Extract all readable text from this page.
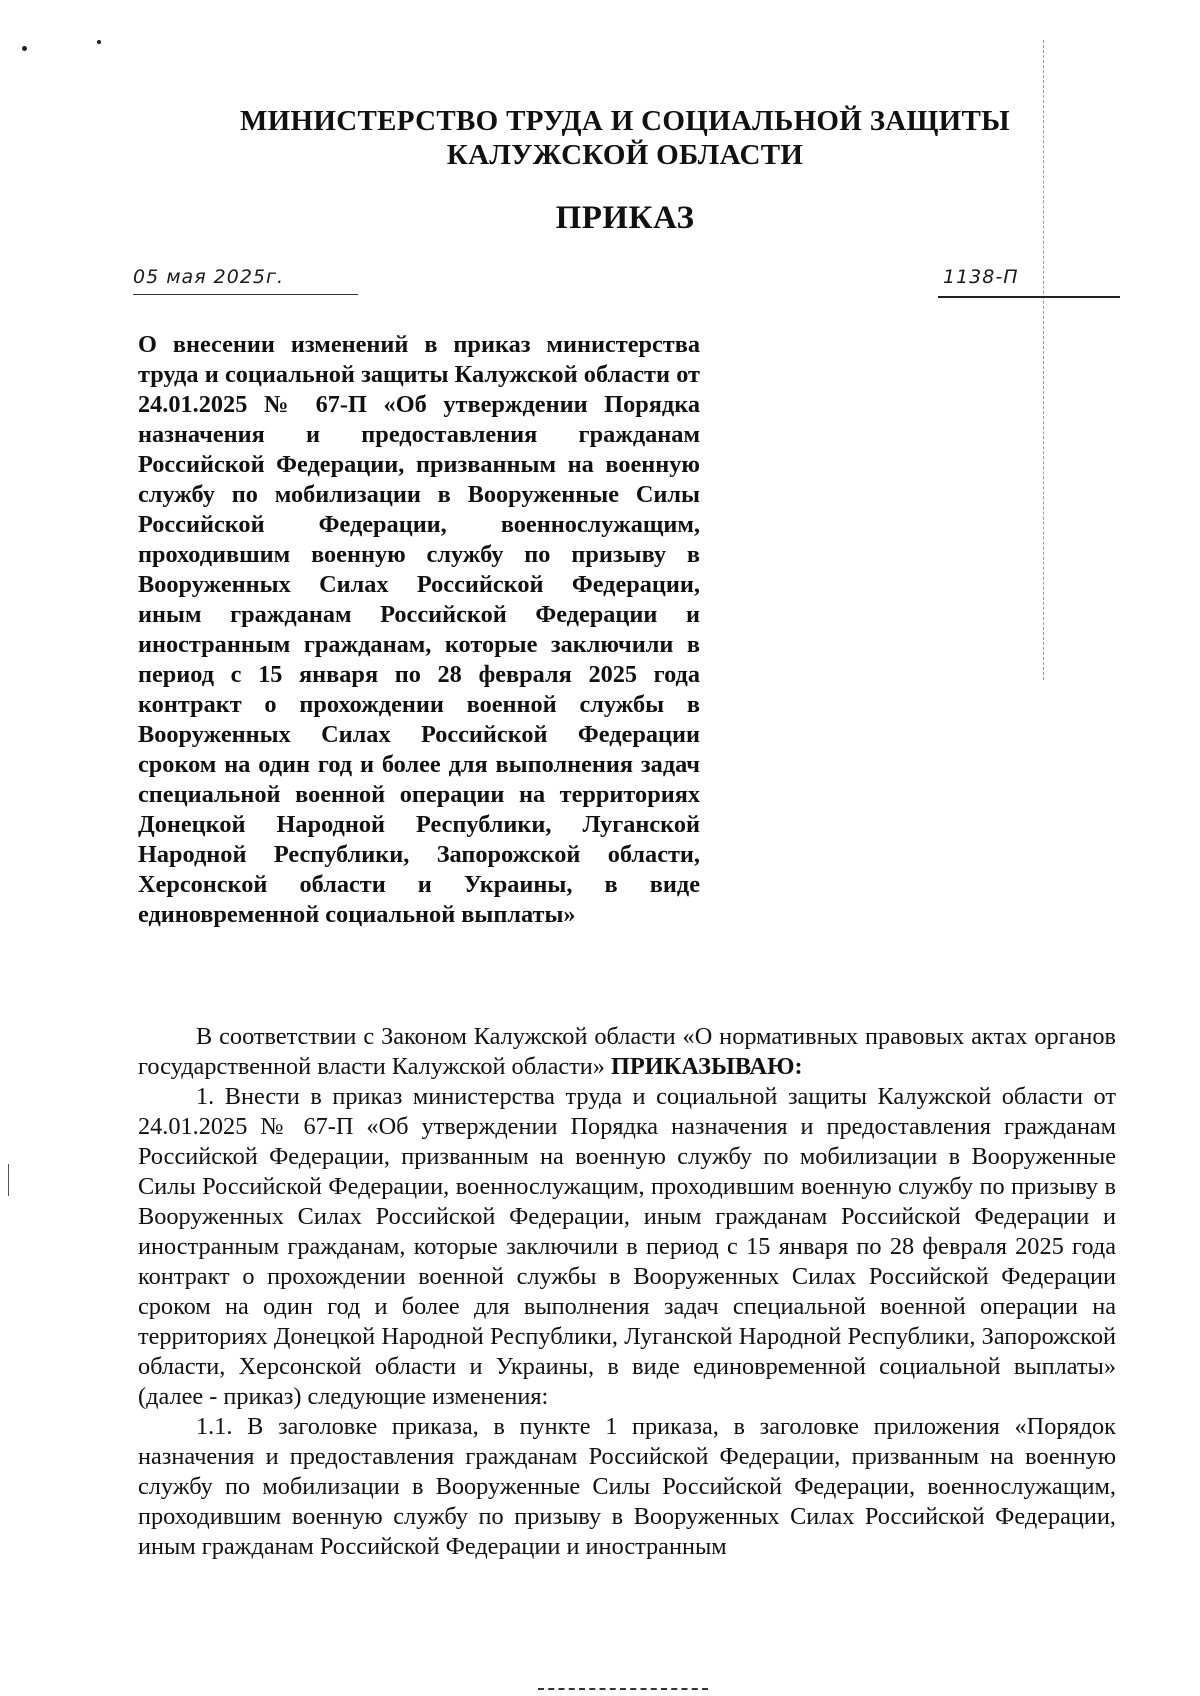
МИНИСТЕРСТВО ТРУДА И СОЦИАЛЬНОЙ ЗАЩИТЫ
КАЛУЖСКОЙ ОБЛАСТИ
ПРИКАЗ
05 мая 2025г.	1138-П
О внесении изменений в приказ министерства труда и социальной защиты Калужской области от 24.01.2025 № 67-П «Об утверждении Порядка назначения и предоставления гражданам Российской Федерации, призванным на военную службу по мобилизации в Вооруженные Силы Российской Федерации, военнослужащим, проходившим военную службу по призыву в Вооруженных Силах Российской Федерации, иным гражданам Российской Федерации и иностранным гражданам, которые заключили в период с 15 января по 28 февраля 2025 года контракт о прохождении военной службы в Вооруженных Силах Российской Федерации сроком на один год и более для выполнения задач специальной военной операции на территориях Донецкой Народной Республики, Луганской Народной Республики, Запорожской области, Херсонской области и Украины, в виде единовременной социальной выплаты»

В соответствии с Законом Калужской области «О нормативных правовых актах органов государственной власти Калужской области» ПРИКАЗЫВАЮ:

1. Внести в приказ министерства труда и социальной защиты Калужской области от 24.01.2025 № 67-П «Об утверждении Порядка назначения и предоставления гражданам Российской Федерации, призванным на военную службу по мобилизации в Вооруженные Силы Российской Федерации, военнослужащим, проходившим военную службу по призыву в Вооруженных Силах Российской Федерации, иным гражданам Российской Федерации и иностранным гражданам, которые заключили в период с 15 января по 28 февраля 2025 года контракт о прохождении военной службы в Вооруженных Силах Российской Федерации сроком на один год и более для выполнения задач специальной военной операции на территориях Донецкой Народной Республики, Луганской Народной Республики, Запорожской области, Херсонской области и Украины, в виде единовременной социальной выплаты» (далее - приказ) следующие изменения:

1.1. В заголовке приказа, в пункте 1 приказа, в заголовке приложения «Порядок назначения и предоставления гражданам Российской Федерации, призванным на военную службу по мобилизации в Вооруженные Силы Российской Федерации, военнослужащим, проходившим военную службу по призыву в Вооруженных Силах Российской Федерации, иным гражданам Российской Федерации и иностранным
